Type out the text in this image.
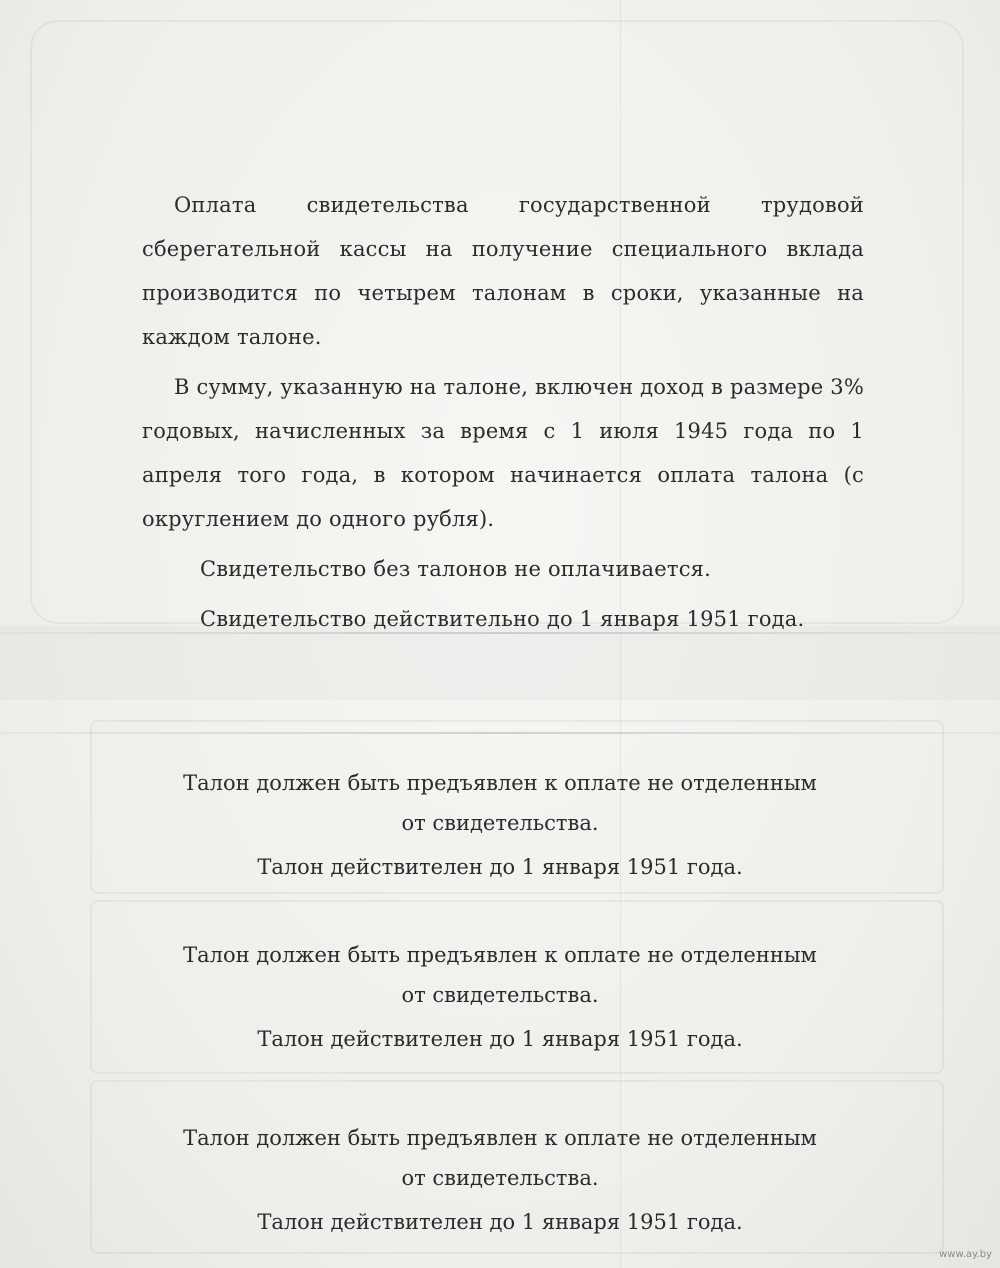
Оплата свидетельства государственной трудовой сберегательной кассы на получение специального вклада производится по четырем талонам в сроки, указанные на каждом талоне.

В сумму, указанную на талоне, включен доход в размере 3% годовых, начисленных за время с 1 июля 1945 года по 1 апреля того года, в котором начинается оплата талона (с округлением до одного рубля).

Свидетельство без талонов не оплачивается.

Свидетельство действительно до 1 января 1951 года.

Талон должен быть предъявлен к оплате не отделенным
от свидетельства.
Талон действителен до 1 января 1951 года.
Талон должен быть предъявлен к оплате не отделенным
от свидетельства.
Талон действителен до 1 января 1951 года.
Талон должен быть предъявлен к оплате не отделенным
от свидетельства.
Талон действителен до 1 января 1951 года.
www.ay.by
